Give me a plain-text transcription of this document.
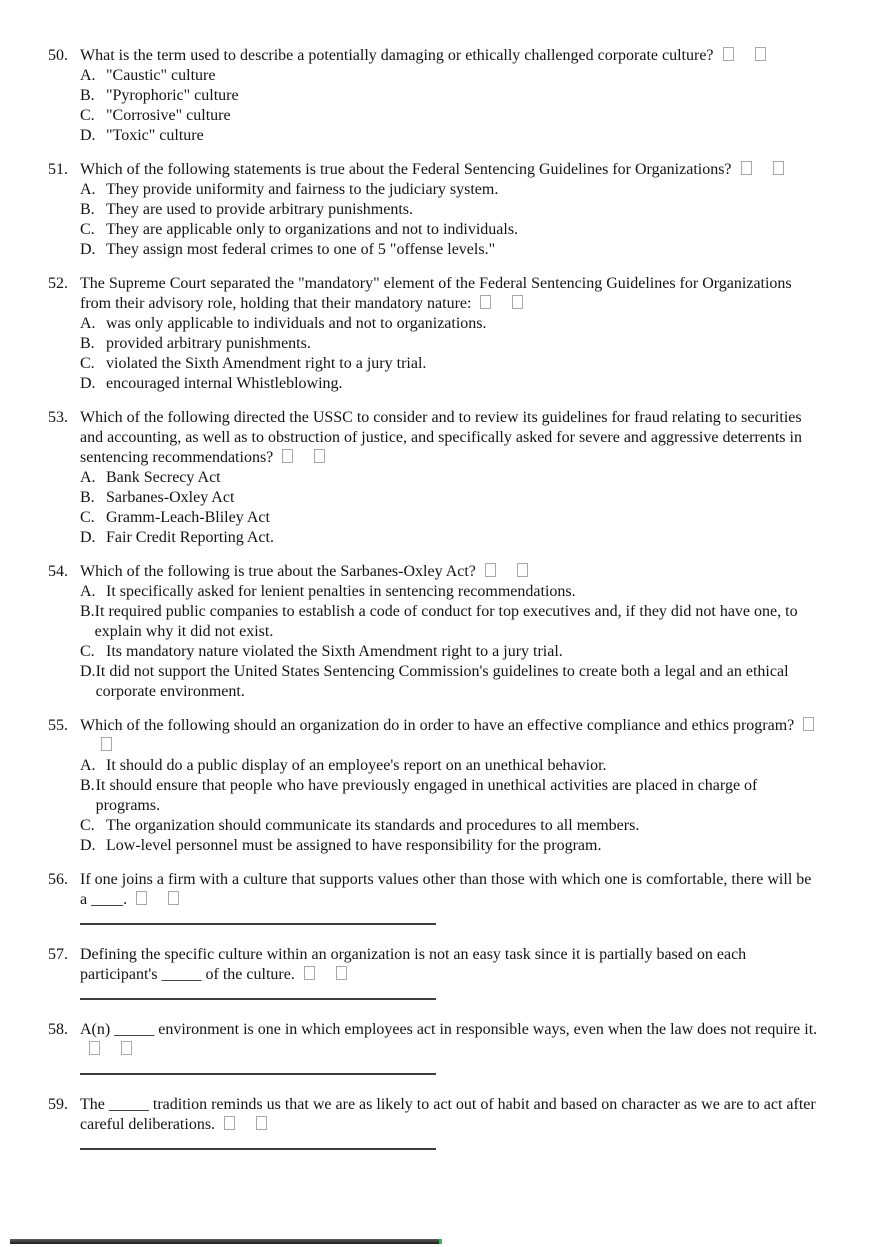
50. What is the term used to describe a potentially damaging or ethically challenged corporate culture?

A. "Caustic" culture
B. "Pyrophoric" culture
C. "Corrosive" culture
D. "Toxic" culture
51. Which of the following statements is true about the Federal Sentencing Guidelines for Organizations?

A. They provide uniformity and fairness to the judiciary system.
B. They are used to provide arbitrary punishments.
C. They are applicable only to organizations and not to individuals.
D. They assign most federal crimes to one of 5 "offense levels."
52. The Supreme Court separated the "mandatory" element of the Federal Sentencing Guidelines for Organizations from their advisory role, holding that their mandatory nature:

A. was only applicable to individuals and not to organizations.
B. provided arbitrary punishments.
C. violated the Sixth Amendment right to a jury trial.
D. encouraged internal Whistleblowing.
53. Which of the following directed the USSC to consider and to review its guidelines for fraud relating to securities and accounting, as well as to obstruction of justice, and specifically asked for severe and aggressive deterrents in sentencing recommendations?

A. Bank Secrecy Act
B. Sarbanes-Oxley Act
C. Gramm-Leach-Bliley Act
D. Fair Credit Reporting Act.
54. Which of the following is true about the Sarbanes-Oxley Act?

A. It specifically asked for lenient penalties in sentencing recommendations.
B. It required public companies to establish a code of conduct for top executives and, if they did not have one, to explain why it did not exist.
C. Its mandatory nature violated the Sixth Amendment right to a jury trial.
D. It did not support the United States Sentencing Commission's guidelines to create both a legal and an ethical corporate environment.
55. Which of the following should an organization do in order to have an effective compliance and ethics program?

A. It should do a public display of an employee's report on an unethical behavior.
B. It should ensure that people who have previously engaged in unethical activities are placed in charge of programs.
C. The organization should communicate its standards and procedures to all members.
D. Low-level personnel must be assigned to have responsibility for the program.
56. If one joins a firm with a culture that supports values other than those with which one is comfortable, there will be a ____.

57. Defining the specific culture within an organization is not an easy task since it is partially based on each participant's _____ of the culture.

58. A(n) _____ environment is one in which employees act in responsible ways, even when the law does not require it.

59. The _____ tradition reminds us that we are as likely to act out of habit and based on character as we are to act after careful deliberations.
